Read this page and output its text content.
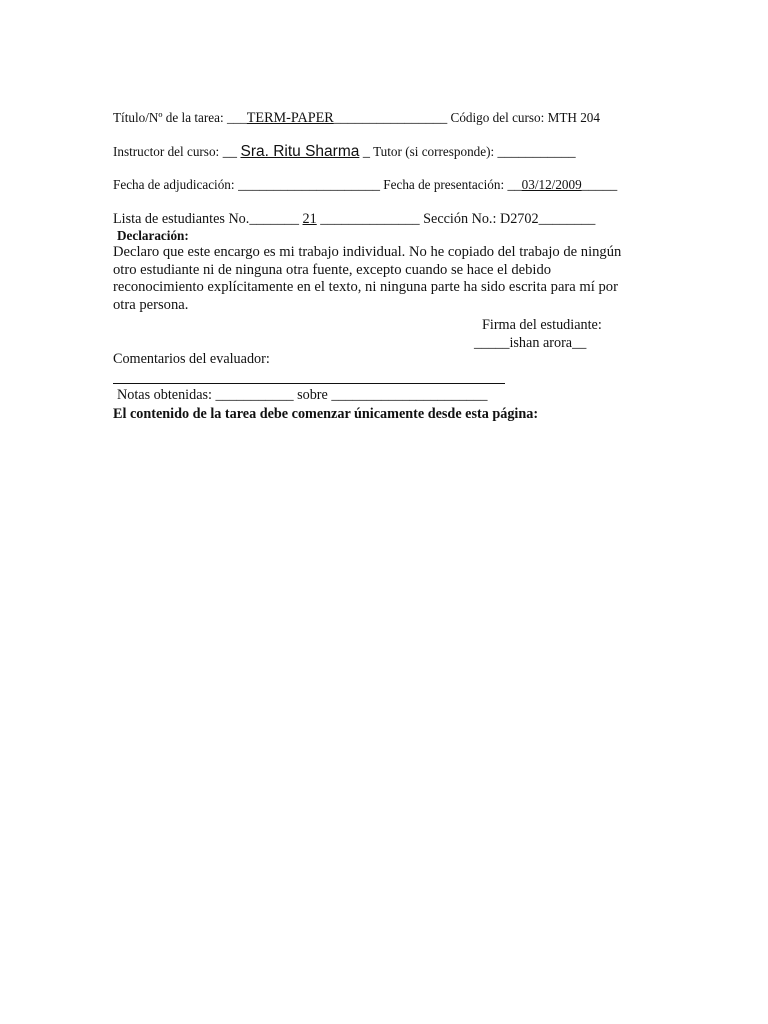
Título/Nº de la tarea: ___TERM-PAPER________________ Código del curso: MTH 204
Instructor del curso: __ Sra. Ritu Sharma _ Tutor (si corresponde): ___________
Fecha de adjudicación: ____________________ Fecha de presentación: __03/12/2009_____
Lista de estudiantes No._______ 21 ______________ Sección No.: D2702________
Declaración:
Declaro que este encargo es mi trabajo individual. No he copiado del trabajo de ningún
otro estudiante ni de ninguna otra fuente, excepto cuando se hace el debido
reconocimiento explícitamente en el texto, ni ninguna parte ha sido escrita para mí por
otra persona.
Firma del estudiante:
_____ishan arora__
Comentarios del evaluador:
Notas obtenidas: ___________ sobre ______________________
El contenido de la tarea debe comenzar únicamente desde esta página:
